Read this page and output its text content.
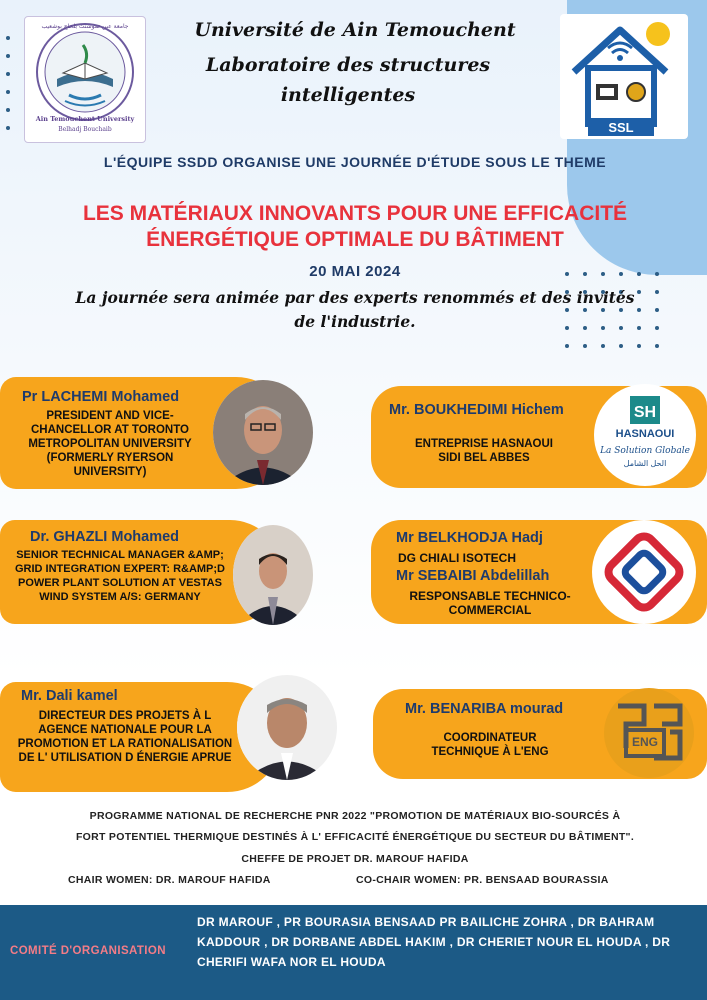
جامعة عين تموشنت بلحاج بوشعيب
Ain Temouchent University
Belhadj Bouchaib	SSL
Université de Ain Temouchent
Laboratoire des structures intelligentes
L'ÉQUIPE SSDD ORGANISE UNE JOURNÉE D'ÉTUDE SOUS LE THEME
LES MATÉRIAUX INNOVANTS POUR UNE EFFICACITÉ ÉNERGÉTIQUE OPTIMALE DU BÂTIMENT
20 MAI 2024
La journée sera animée par des experts renommés et des invités de l'industrie.
Pr LACHEMI Mohamed
PRESIDENT AND VICE-CHANCELLOR AT TORONTO METROPOLITAN UNIVERSITY (FORMERLY RYERSON UNIVERSITY)
Mr. BOUKHEDIMI Hichem
ENTREPRISE HASNAOUI SIDI BEL ABBES
SH
HASNAOUI
La Solution Globale
الحل الشامل
Dr. GHAZLI Mohamed
SENIOR TECHNICAL MANAGER &AMP; GRID INTEGRATION EXPERT: R&AMP;D POWER PLANT SOLUTION AT VESTAS WIND SYSTEM A/S: GERMANY
Mr BELKHODJA Hadj
DG CHIALI ISOTECH
Mr SEBAIBI Abdelillah
RESPONSABLE TECHNICO-COMMERCIAL
Mr. Dali kamel
DIRECTEUR DES PROJETS À L AGENCE NATIONALE POUR LA PROMOTION ET LA RATIONALISATION DE L' UTILISATION D ÉNERGIE APRUE
Mr. BENARIBA mourad
COORDINATEUR TECHNIQUE À L'ENG
ENG
PROGRAMME NATIONAL DE RECHERCHE PNR 2022 "PROMOTION DE MATÉRIAUX BIO-SOURCÉS À
FORT POTENTIEL THERMIQUE DESTINÉS À L' EFFICACITÉ ÉNERGÉTIQUE DU SECTEUR DU BÂTIMENT".
CHEFFE DE PROJET DR. MAROUF HAFIDA
CHAIR WOMEN: DR. MAROUF HAFIDA	CO-CHAIR WOMEN: PR. BENSAAD BOURASSIA
COMITÉ D'ORGANISATION
DR MAROUF , PR BOURASIA BENSAAD PR BAILICHE ZOHRA , DR BAHRAM KADDOUR , DR DORBANE ABDEL HAKIM , DR CHERIET NOUR EL HOUDA , DR CHERIFI WAFA NOR EL HOUDA
